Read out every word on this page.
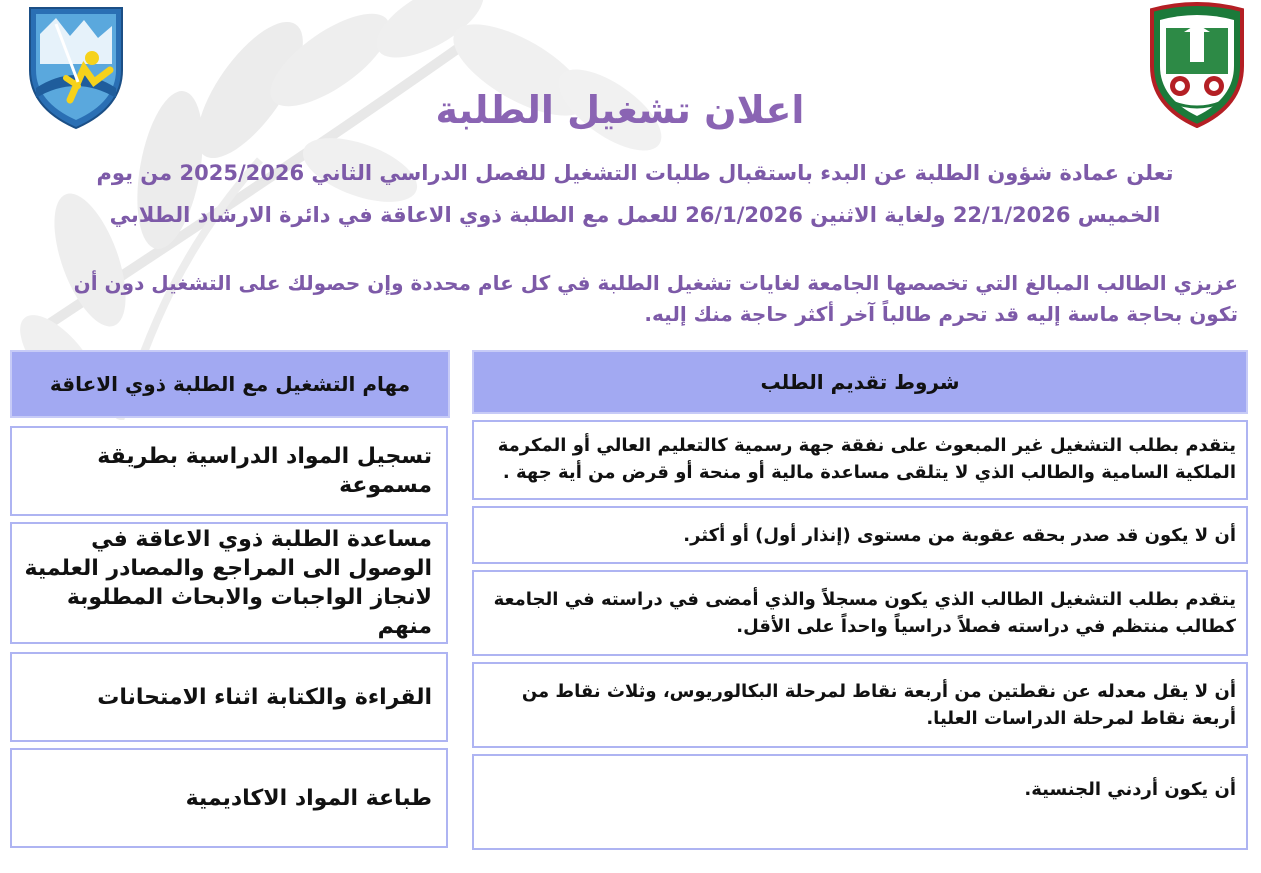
اعلان تشغيل الطلبة
تعلن عمادة شؤون الطلبة عن البدء باستقبال طلبات التشغيل للفصل الدراسي الثاني 2025/2026 من يوم
الخميس 22/1/2026 ولغاية الاثنين 26/1/2026 للعمل مع الطلبة ذوي الاعاقة في دائرة الارشاد الطلابي
عزيزي الطالب المبالغ التي تخصصها الجامعة لغايات تشغيل الطلبة في كل عام محددة وإن حصولك على التشغيل دون أن تكون بحاجة ماسة إليه قد تحرم طالباً آخر أكثر حاجة منك إليه.
مهام التشغيل مع الطلبة ذوي الاعاقة
تسجيل المواد الدراسية بطريقة مسموعة
مساعدة الطلبة ذوي الاعاقة في الوصول الى المراجع والمصادر العلمية لانجاز الواجبات والابحاث المطلوبة منهم
القراءة والكتابة اثناء الامتحانات
طباعة المواد الاكاديمية
شروط تقديم الطلب
يتقدم بطلب التشغيل غير المبعوث على نفقة جهة رسمية كالتعليم العالي أو المكرمة الملكية السامية والطالب الذي لا يتلقى مساعدة مالية أو منحة أو قرض من أية جهة .
أن لا يكون قد صدر بحقه عقوبة من مستوى (إنذار أول) أو أكثر.
يتقدم بطلب التشغيل الطالب الذي يكون مسجلاً والذي أمضى في دراسته في الجامعة كطالب منتظم في دراسته فصلاً دراسياً واحداً على الأقل.
أن لا يقل معدله عن نقطتين من أربعة نقاط لمرحلة البكالوريوس، وثلاث نقاط من أربعة نقاط لمرحلة الدراسات العليا.
أن يكون أردني الجنسية.
